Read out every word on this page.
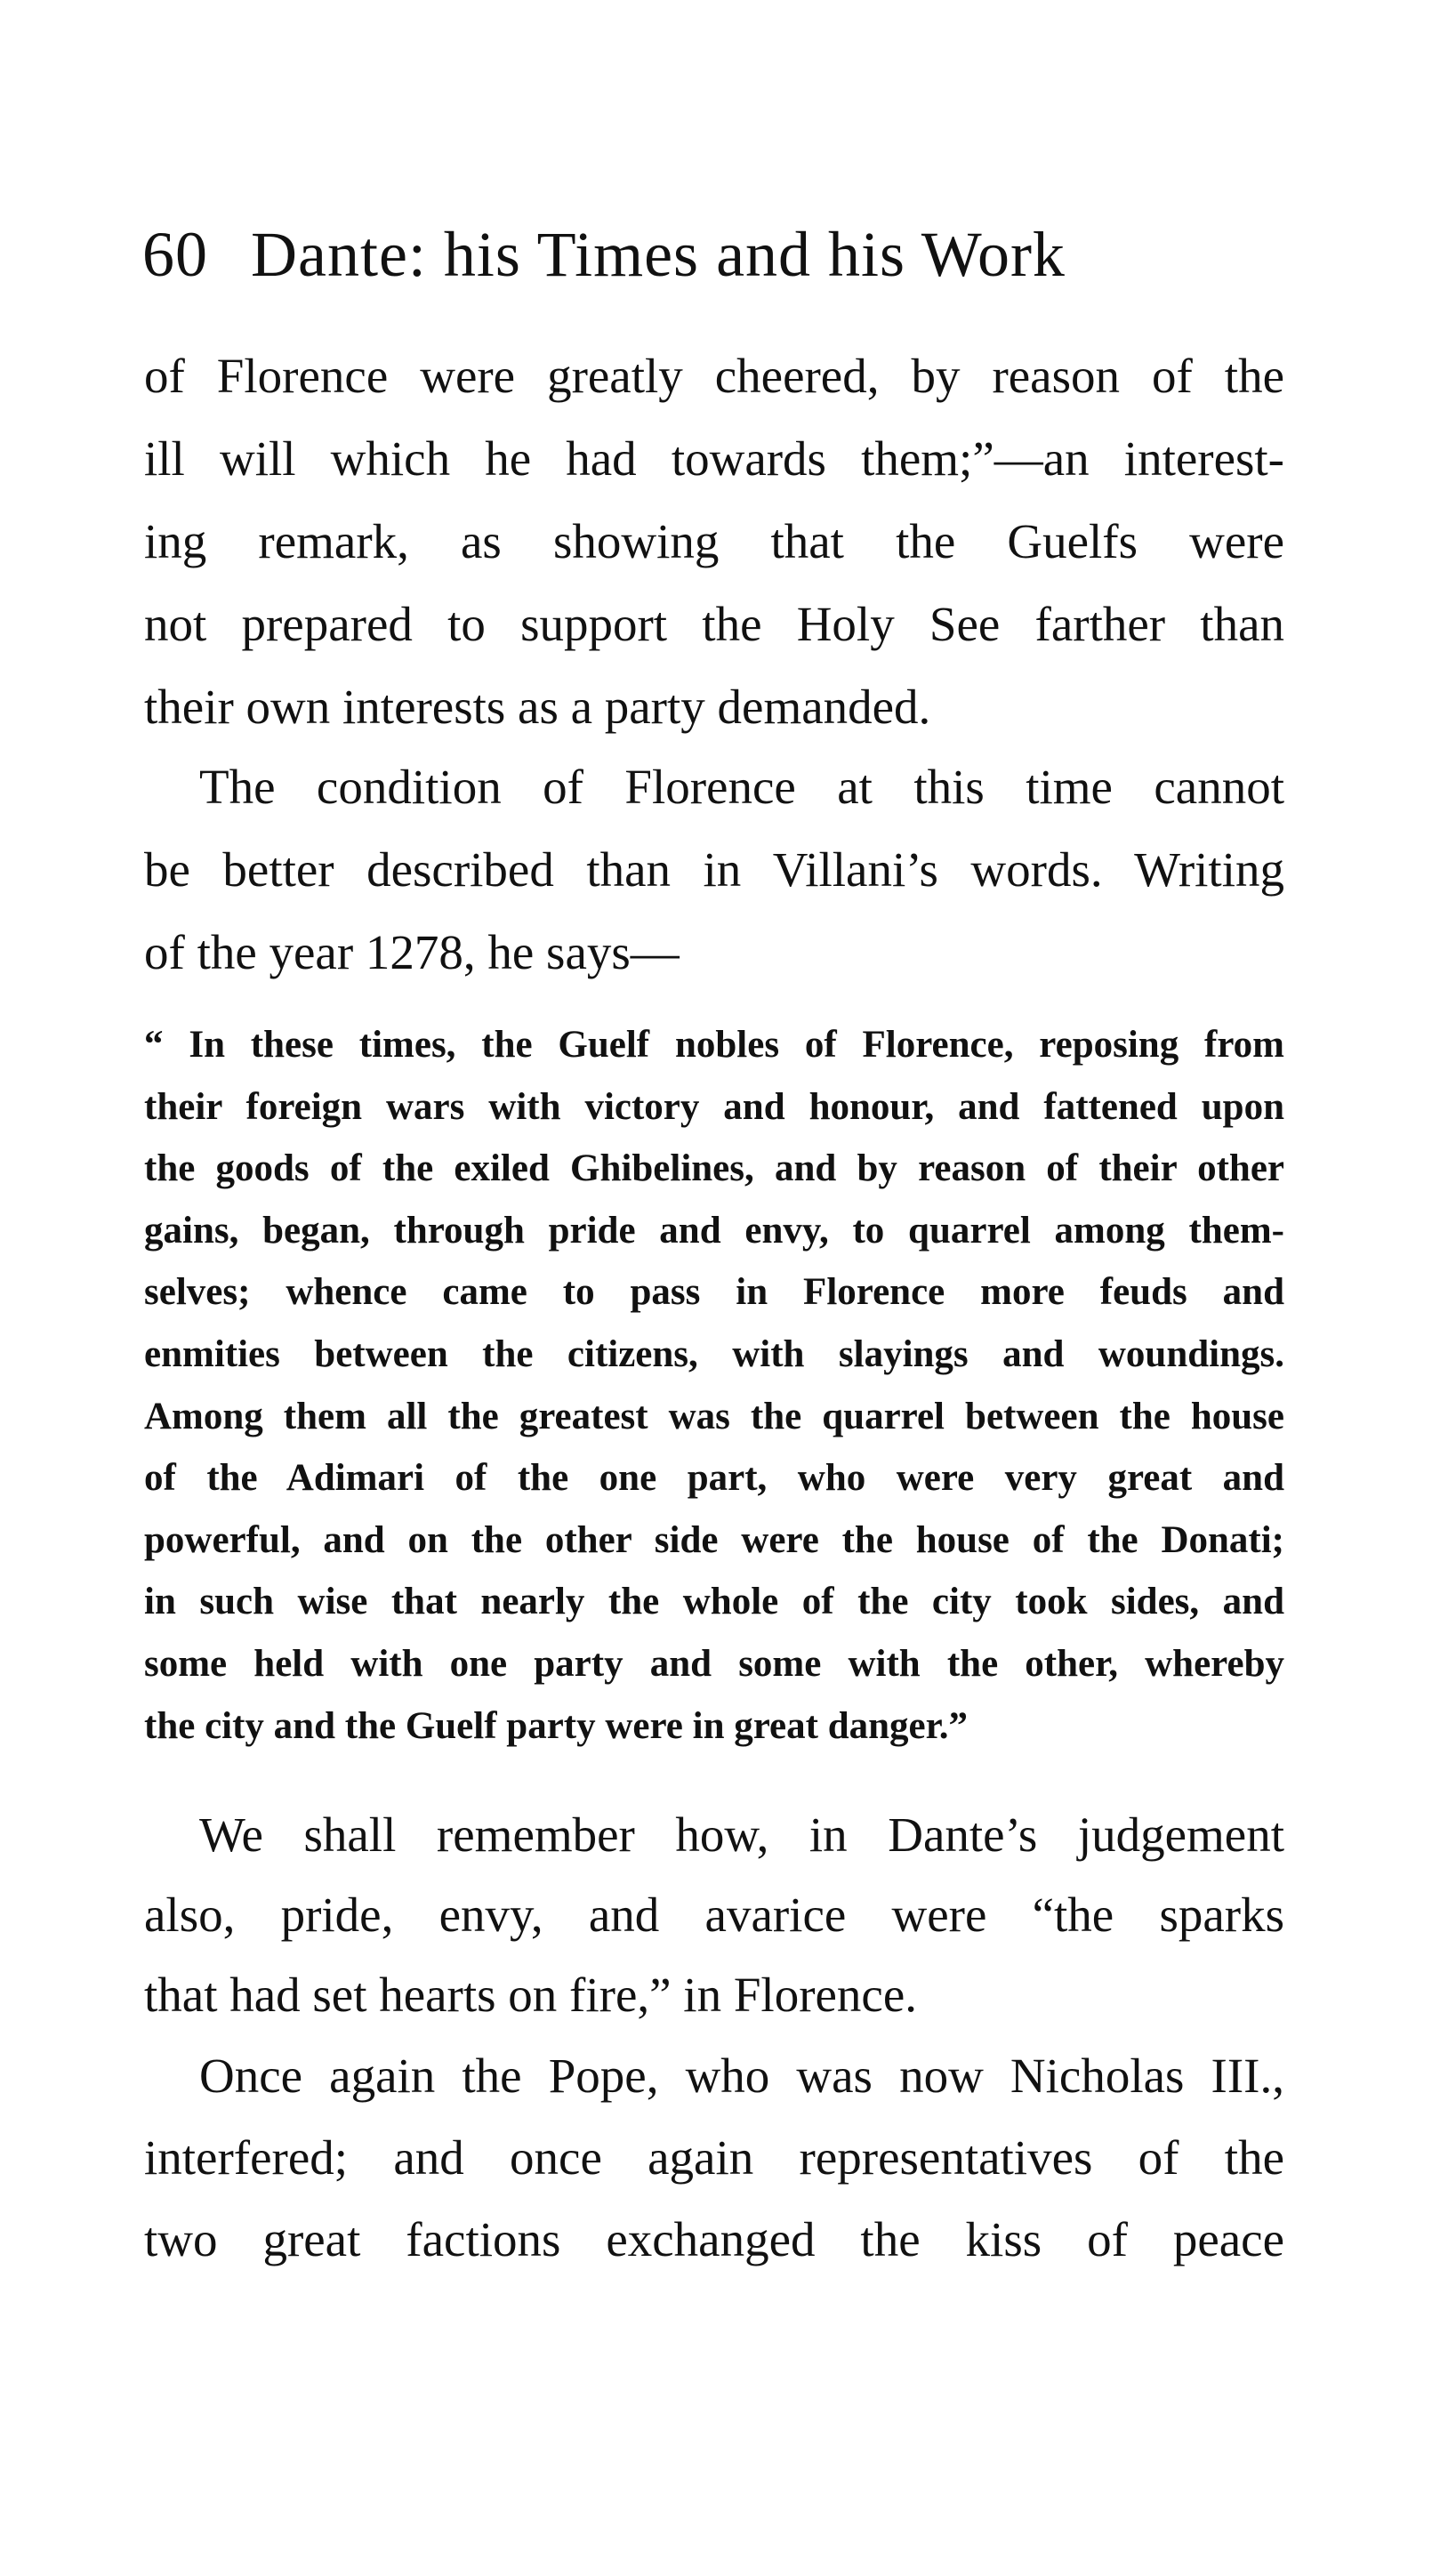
60 Dante: his Times and his Work
of Florence were greatly cheered, by reason of the
ill will which he had towards them;”—an interest-
ing remark, as showing that the Guelfs were
not prepared to support the Holy See farther than
their own interests as a party demanded.
The condition of Florence at this time cannot
be better described than in Villani’s words. Writing
of the year 1278, he says—
“ In these times, the Guelf nobles of Florence, reposing from
their foreign wars with victory and honour, and fattened upon
the goods of the exiled Ghibelines, and by reason of their other
gains, began, through pride and envy, to quarrel among them-
selves; whence came to pass in Florence more feuds and
enmities between the citizens, with slayings and woundings.
Among them all the greatest was the quarrel between the house
of the Adimari of the one part, who were very great and
powerful, and on the other side were the house of the Donati;
in such wise that nearly the whole of the city took sides, and
some held with one party and some with the other, whereby
the city and the Guelf party were in great danger.”
We shall remember how, in Dante’s judgement
also, pride, envy, and avarice were “the sparks
that had set hearts on fire,” in Florence.
Once again the Pope, who was now Nicholas III.,
interfered; and once again representatives of the
two great factions exchanged the kiss of peace
